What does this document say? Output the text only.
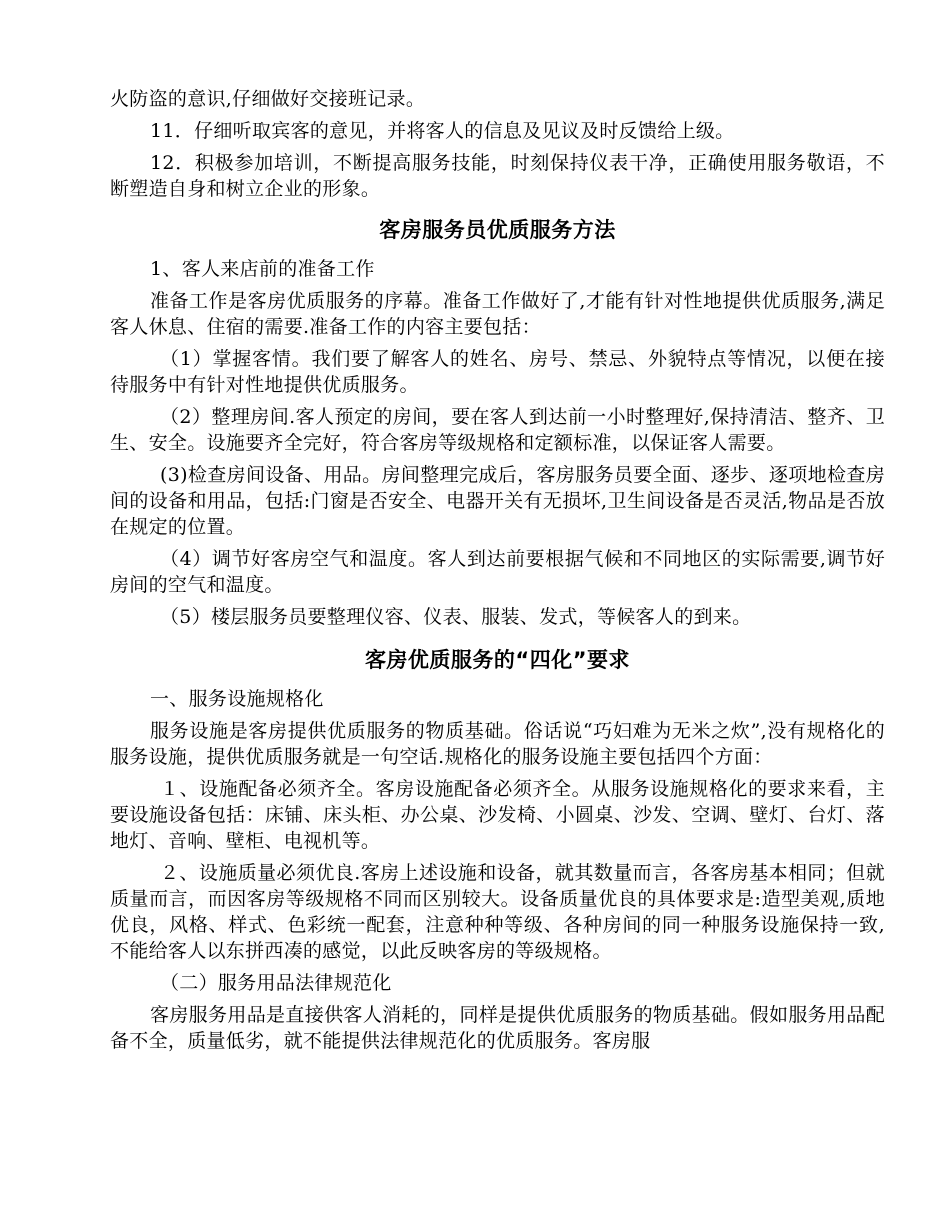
火防盗的意识,仔细做好交接班记录。

11．仔细听取宾客的意见，并将客人的信息及见议及时反馈给上级。

12．积极参加培训，不断提高服务技能，时刻保持仪表干净，正确使用服务敬语，不断塑造自身和树立企业的形象。

客房服务员优质服务方法

1、客人来店前的准备工作

准备工作是客房优质服务的序幕。准备工作做好了,才能有针对性地提供优质服务,满足客人休息、住宿的需要.准备工作的内容主要包括：

（1）掌握客情。我们要了解客人的姓名、房号、禁忌、外貌特点等情况，以便在接待服务中有针对性地提供优质服务。

（2）整理房间.客人预定的房间，要在客人到达前一小时整理好,保持清洁、整齐、卫生、安全。设施要齐全完好，符合客房等级规格和定额标准，以保证客人需要。

(3)检查房间设备、用品。房间整理完成后，客房服务员要全面、逐步、逐项地检查房间的设备和用品，包括:门窗是否安全、电器开关有无损坏,卫生间设备是否灵活,物品是否放在规定的位置。

（4）调节好客房空气和温度。客人到达前要根据气候和不同地区的实际需要,调节好房间的空气和温度。

（5）楼层服务员要整理仪容、仪表、服装、发式，等候客人的到来。

客房优质服务的“四化”要求

一、服务设施规格化

服务设施是客房提供优质服务的物质基础。俗话说“巧妇难为无米之炊”,没有规格化的服务设施，提供优质服务就是一句空话.规格化的服务设施主要包括四个方面：

１、设施配备必须齐全。客房设施配备必须齐全。从服务设施规格化的要求来看，主要设施设备包括：床铺、床头柜、办公桌、沙发椅、小圆桌、沙发、空调、壁灯、台灯、落地灯、音响、壁柜、电视机等。

２、设施质量必须优良.客房上述设施和设备，就其数量而言，各客房基本相同；但就质量而言，而因客房等级规格不同而区别较大。设备质量优良的具体要求是:造型美观,质地优良，风格、样式、色彩统一配套，注意种种等级、各种房间的同一种服务设施保持一致,不能给客人以东拼西凑的感觉，以此反映客房的等级规格。

（二）服务用品法律规范化

客房服务用品是直接供客人消耗的，同样是提供优质服务的物质基础。假如服务用品配备不全，质量低劣，就不能提供法律规范化的优质服务。客房服
